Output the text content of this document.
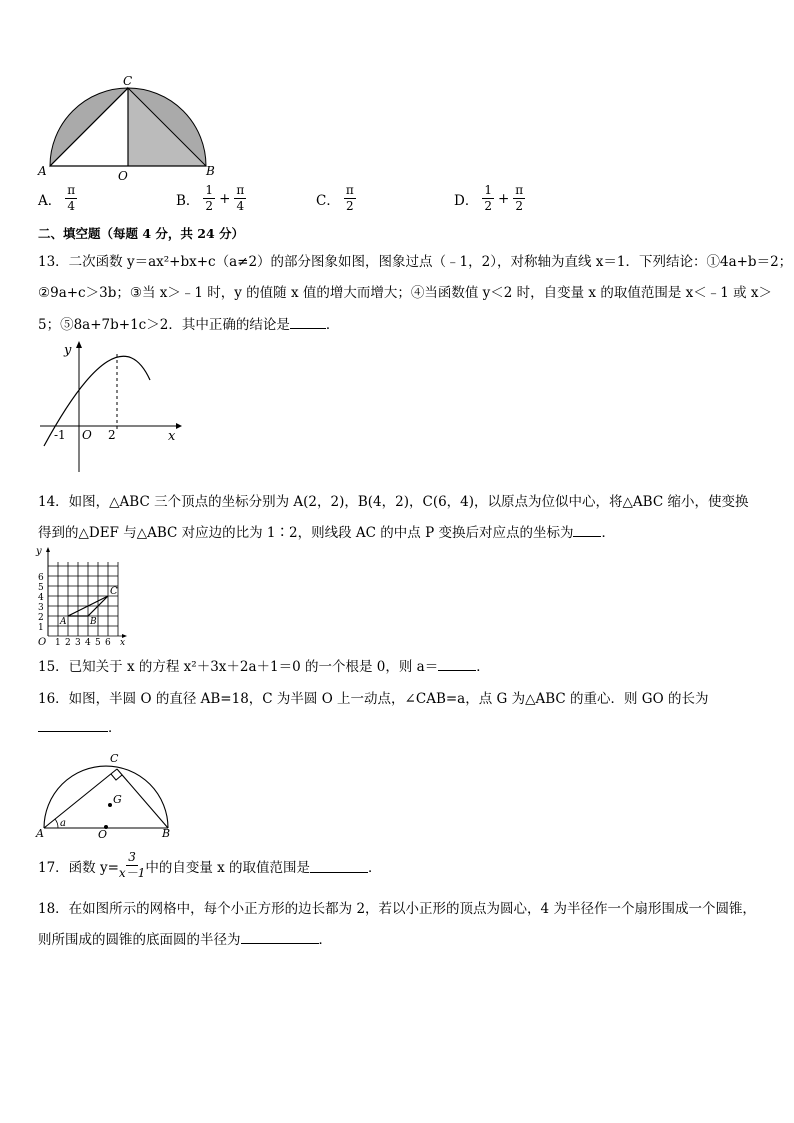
C
A	B
O
A． $\frac{\pi}{4}$	B． $\frac{1}{2} + \frac{\pi}{4}$	C． $\frac{\pi}{2}$	D． $\frac{1}{2} + \frac{\pi}{2}$
二、填空题（每题 4 分，共 24 分）
13．二次函数 y＝ax²+bx+c（a≠2）的部分图象如图，图象过点（﹣1，2），对称轴为直线 x＝1．下列结论：①4a+b＝2；
②9a+c＞3b；③当 x＞﹣1 时，y 的值随 x 值的增大而增大；④当函数值 y＜2 时，自变量 x 的取值范围是 x＜﹣1 或 x＞
5；⑤8a+7b+1c＞2．其中正确的结论是	．
y
x
O
-1	2
14．如图，△ABC 三个顶点的坐标分别为 A(2，2)，B(4，2)，C(6，4)，以原点为位似中心，将△ABC 缩小，使变换
得到的△DEF 与△ABC 对应边的比为 1∶2，则线段 AC 的中点 P 变换后对应点的坐标为 ．
y
O
A	B
C
1
2
3
4
5
6
1 2 3 4 5 6 x
15．已知关于 x 的方程 x²＋3x＋2a＋1＝0 的一个根是 0，则 a＝	．
16．如图，半圆 O 的直径 AB=18，C 为半圆 O 上一动点，∠CAB=a，点 G 为△ABC 的重心．则 GO 的长为
．
C
G
A	B
O
a
17．函数 $y= \frac{3}{x-1}$ 中的自变量 x 的取值范围是	．
18．在如图所示的网格中，每个小正方形的边长都为 2，若以小正形的顶点为圆心，4 为半径作一个扇形围成一个圆锥，
则所围成的圆锥的底面圆的半径为	．
